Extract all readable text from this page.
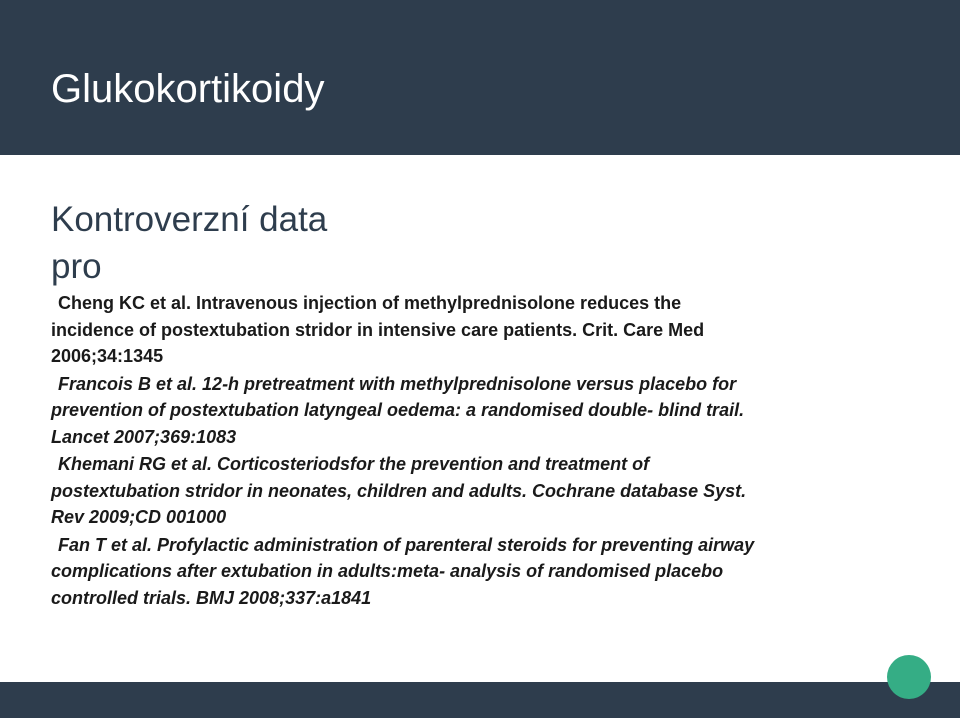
Glukokortikoidy
Kontroverzní data
pro
Cheng KC et al. Intravenous injection of methylprednisolone reduces the
incidence of postextubation stridor in intensive care patients. Crit. Care Med
2006;34:1345
Francois B et al. 12-h pretreatment with methylprednisolone versus placebo for
prevention of postextubation latyngeal oedema: a randomised double- blind trail.
Lancet 2007;369:1083
Khemani RG et al. Corticosteriodsfor the prevention and treatment of
postextubation stridor in neonates, children and adults. Cochrane database Syst.
Rev 2009;CD 001000
Fan T et al. Profylactic administration of parenteral steroids for preventing airway
complications after extubation in adults:meta- analysis of randomised placebo
controlled trials. BMJ 2008;337:a1841
